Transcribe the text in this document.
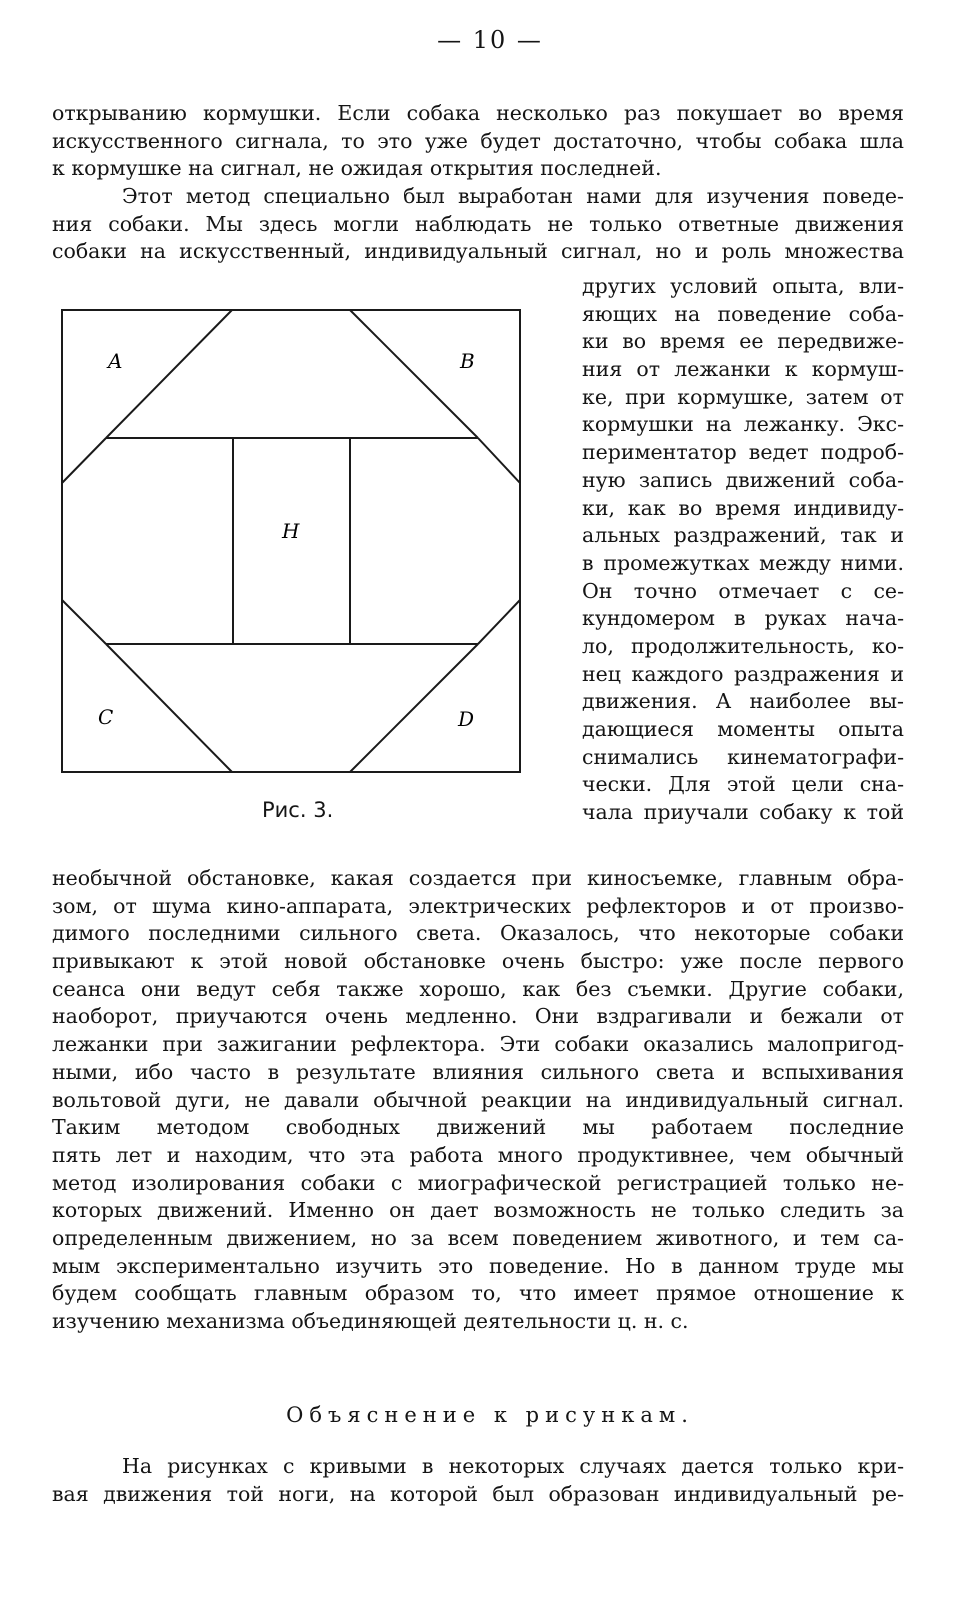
— 10 —
открыванию кормушки. Если собака несколько раз покушает во время
искусственного сигнала, то это уже будет достаточно, чтобы собака шла
к кормушке на сигнал, не ожидая открытия последней.
Этот метод специально был выработан нами для изучения поведе-
ния собаки. Мы здесь могли наблюдать не только ответные движения
собаки на искусственный, индивидуальный сигнал, но и роль множества
A	B
H
C	D
Рис. 3.
других условий опыта, вли-
яющих на поведение соба-
ки во время ее передвиже-
ния от лежанки к кормуш-
ке, при кормушке, затем от
кормушки на лежанку. Экс-
периментатор ведет подроб-
ную запись движений соба-
ки, как во время индивиду-
альных раздражений, так и
в промежутках между ними.
Он точно отмечает с се-
кундомером в руках нача-
ло, продолжительность, ко-
нец каждого раздражения и
движения. А наиболее вы-
дающиеся моменты опыта
снимались кинематографи-
чески. Для этой цели сна-
чала приучали собаку к той
необычной обстановке, какая создается при киносъемке, главным обра-
зом, от шума кино-аппарата, электрических рефлекторов и от произво-
димого последними сильного света. Оказалось, что некоторые собаки
привыкают к этой новой обстановке очень быстро: уже после первого
сеанса они ведут себя также хорошо, как без съемки. Другие собаки,
наоборот, приучаются очень медленно. Они вздрагивали и бежали от
лежанки при зажигании рефлектора. Эти собаки оказались малопригод-
ными, ибо часто в результате влияния сильного света и вспыхивания
вольтовой дуги, не давали обычной реакции на индивидуальный сигнал.
Таким методом свободных движений мы работаем последние
пять лет и находим, что эта работа много продуктивнее, чем обычный
метод изолирования собаки с миографической регистрацией только не-
которых движений. Именно он дает возможность не только следить за
определенным движением, но за всем поведением животного, и тем са-
мым экспериментально изучить это поведение. Но в данном труде мы
будем сообщать главным образом то, что имеет прямое отношение к
изучению механизма объединяющей деятельности ц. н. с.
Объяснение к рисункам.
На рисунках с кривыми в некоторых случаях дается только кри-
вая движения той ноги, на которой был образован индивидуальный ре-
